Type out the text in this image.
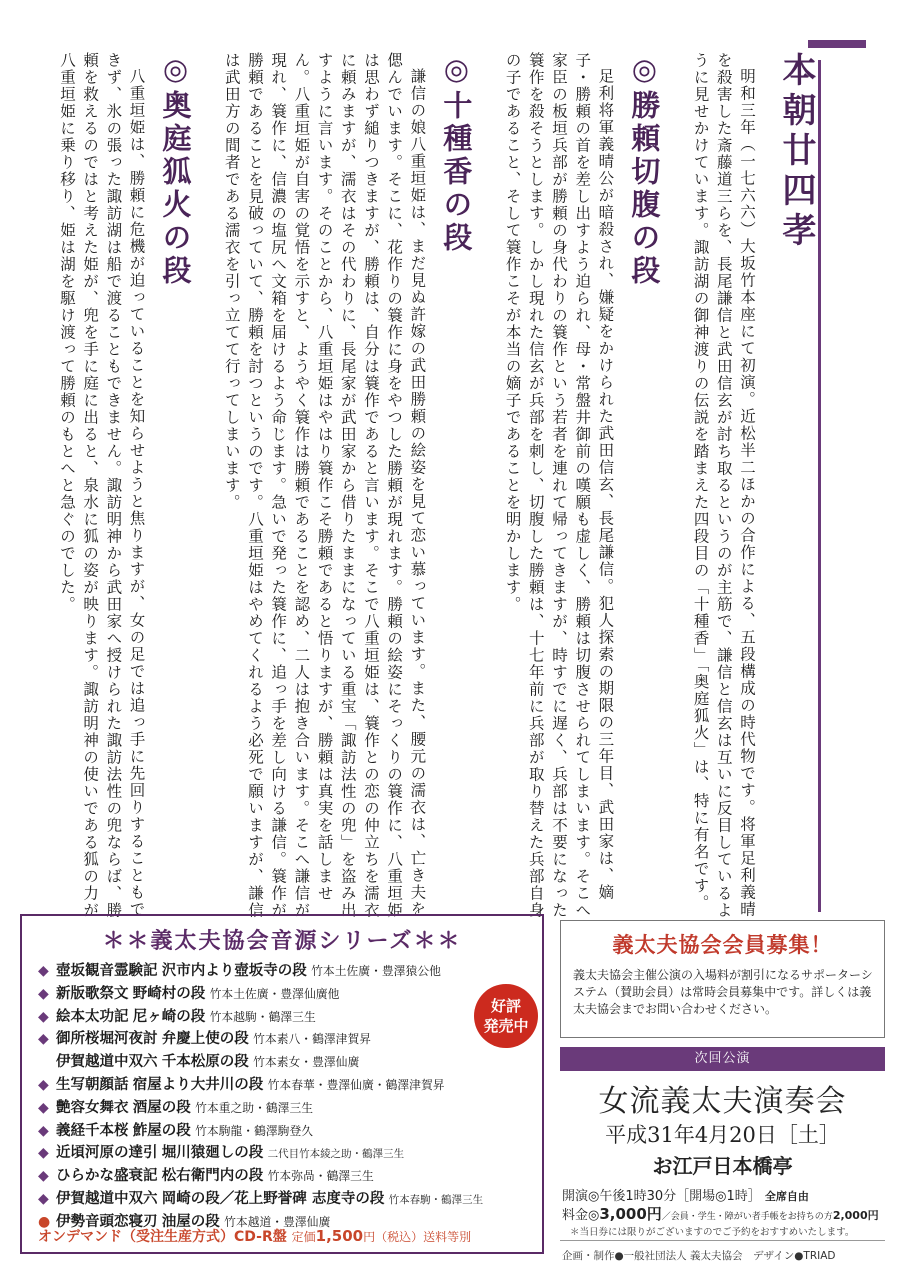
本朝廿四孝

明和三年（一七六六）大坂竹本座にて初演。近松半二ほかの合作による、五段構成の時代物です。将軍足利義晴を殺害した斎藤道三らを、長尾謙信と武田信玄が討ち取るというのが主筋で、謙信と信玄は互いに反目しているように見せかけています。諏訪湖の御神渡りの伝説を踏まえた四段目の「十種香」「奥庭狐火」は、特に有名です。

◎勝頼切腹の段

足利将軍義晴公が暗殺され、嫌疑をかけられた武田信玄、長尾謙信。犯人探索の期限の三年目、武田家は、嫡子・勝頼の首を差し出すよう迫られ、母・常盤井御前の嘆願も虚しく、勝頼は切腹させられてしまいます。そこへ家臣の板垣兵部が勝頼の身代わりの簑作という若者を連れて帰ってきますが、時すでに遅く、兵部は不要になった簑作を殺そうとします。しかし現れた信玄が兵部を刺し、切腹した勝頼は、十七年前に兵部が取り替えた兵部自身の子であること、そして簑作こそが本当の嫡子であることを明かします。

◎十種香の段

謙信の娘八重垣姫は、まだ見ぬ許嫁の武田勝頼の絵姿を見て恋い慕っています。また、腰元の濡衣は、亡き夫を偲んでいます。そこに、花作りの簑作に身をやつした勝頼が現れます。勝頼の絵姿にそっくりの簑作に、八重垣姫は思わず縋りつきますが、勝頼は、自分は簑作であると言います。そこで八重垣姫は、簑作との恋の仲立ちを濡衣に頼みますが、濡衣はその代わりに、長尾家が武田家から借りたままになっている重宝「諏訪法性の兜」を盗み出すように言います。そのことから、八重垣姫はやはり簑作こそ勝頼であると悟りますが、勝頼は真実を話しません。八重垣姫が自害の覚悟を示すと、ようやく簑作は勝頼であることを認め、二人は抱き合います。そこへ謙信が現れ、簑作に、信濃の塩尻へ文箱を届けるよう命じます。急いで発った簑作に、追っ手を差し向ける謙信。簑作が勝頼であることを見破っていて、勝頼を討つというのです。八重垣姫はやめてくれるよう必死で願いますが、謙信は武田方の間者である濡衣を引っ立てて行ってしまいます。

◎奥庭狐火の段

八重垣姫は、勝頼に危機が迫っていることを知らせようと焦りますが、女の足では追っ手に先回りすることもできず、氷の張った諏訪湖は船で渡ることもできません。諏訪明神から武田家へ授けられた諏訪法性の兜ならば、勝頼を救えるのではと考えた姫が、兜を手に庭に出ると、泉水に狐の姿が映ります。諏訪明神の使いである狐の力が八重垣姫に乗り移り、姫は湖を駆け渡って勝頼のもとへと急ぐのでした。

＊＊義太夫協会音源シリーズ＊＊
◆ 壺坂観音霊験記 沢市内より壺坂寺の段 竹本土佐廣・豊澤猿公他
◆ 新版歌祭文 野崎村の段 竹本土佐廣・豊澤仙廣他
◆ 絵本太功記 尼ヶ崎の段 竹本越駒・鶴澤三生
◆ 御所桜堀河夜討 弁慶上使の段 竹本素八・鶴澤津賀昇
伊賀越道中双六 千本松原の段 竹本素女・豊澤仙廣
◆ 生写朝顔話 宿屋より大井川の段 竹本春華・豊澤仙廣・鶴澤津賀昇
◆ 艶容女舞衣 酒屋の段 竹本重之助・鶴澤三生
◆ 義経千本桜 鮓屋の段 竹本駒龍・鶴澤駒登久
◆ 近頃河原の達引 堀川猿廻しの段 二代目竹本綾之助・鶴澤三生
◆ ひらかな盛衰記 松右衛門内の段 竹本弥咼・鶴澤三生
◆ 伊賀越道中双六 岡崎の段／花上野誉碑 志度寺の段 竹本春駒・鶴澤三生
● 伊勢音頭恋寝刃 油屋の段 竹本越道・豊澤仙廣
好評
発売中
オンデマンド（受注生産方式）CD-R盤 定価1,500円（税込）送料等別
義太夫協会会員募集！
義太夫協会主催公演の入場料が割引になるサポーターシステム（賛助会員）は常時会員募集中です。詳しくは義太夫協会までお問い合わせください。
次回公演
女流義太夫演奏会
平成31年4月20日［土］
お江戸日本橋亭
開演◎午後1時30分［開場◎1時］ 全席自由
料金◎3,000円／会員・学生・障がい者手帳をお持ちの方2,000円
＊当日券には限りがございますのでご予約をおすすめいたします。
企画・制作●一般社団法人 義太夫協会　デザイン●TRIAD
